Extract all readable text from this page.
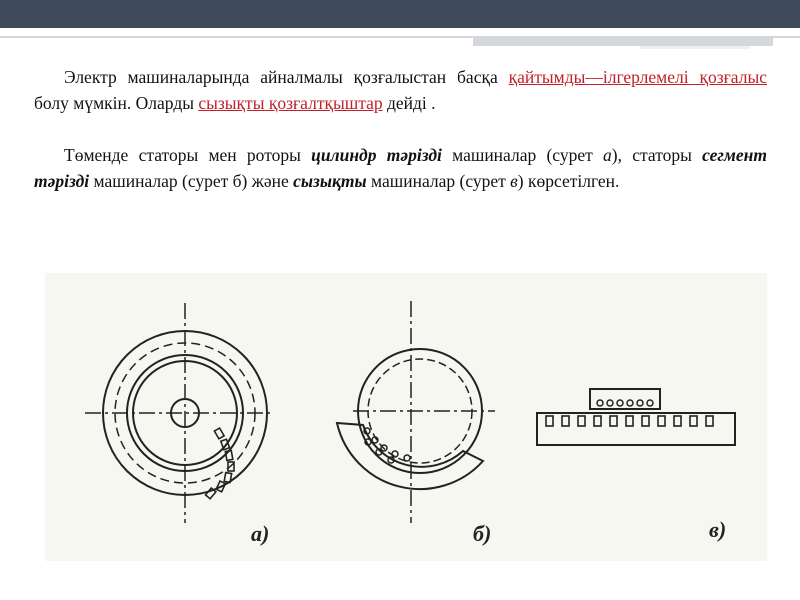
6

Электр машиналарында айналмалы қозғалыстан басқа қайтымды—ілгерлемелі қозғалыс болу мүмкін. Оларды сызықты қозғалтқыштар дейді .

Төменде статоры мен роторы цилиндр тәрізді машиналар (сурет а), статоры сегмент тәрізді машиналар (сурет б) және сызықты машиналар (сурет в) көрсетілген.

а)	б)	в)
